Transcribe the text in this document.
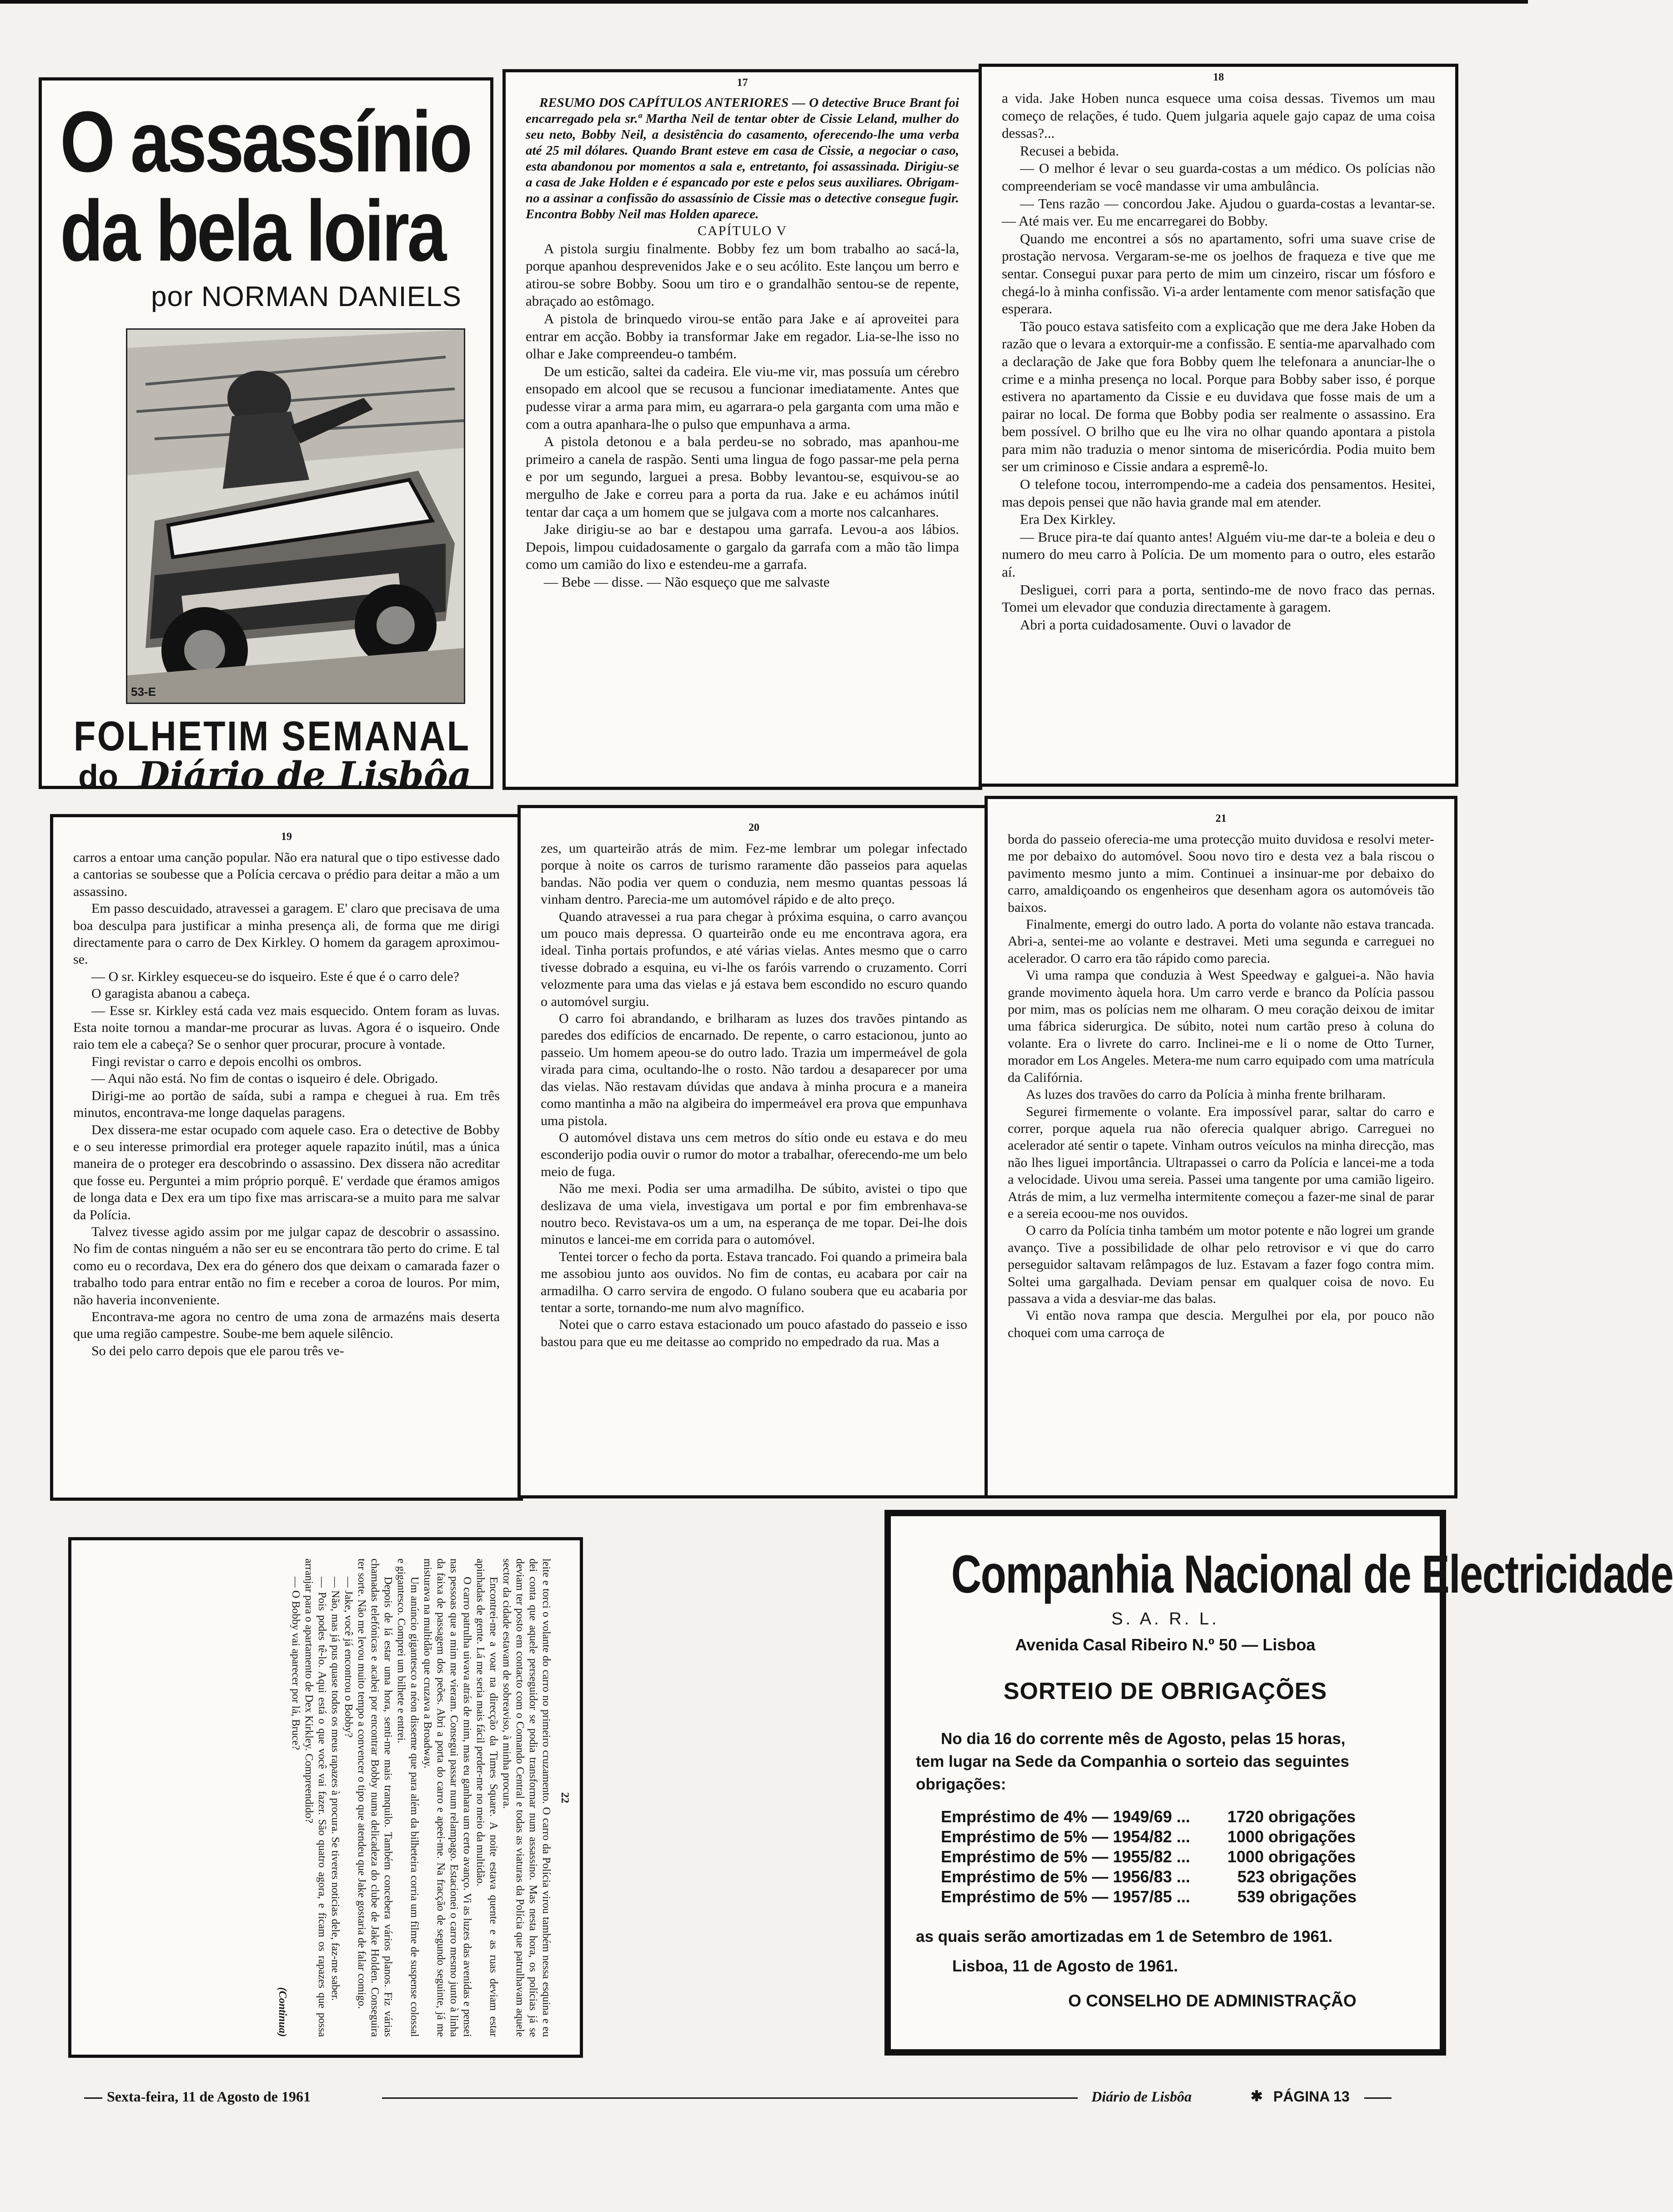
O assassínio
da bela loira
por NORMAN DANIELS
53-E
FOLHETIM SEMANAL
do Diário de Lisbôa
17

RESUMO DOS CAPÍTULOS ANTERIORES — O detective Bruce Brant foi encarregado pela sr.ª Martha Neil de tentar obter de Cissie Leland, mulher do seu neto, Bobby Neil, a desistência do casamento, oferecendo-lhe uma verba até 25 mil dólares. Quando Brant esteve em casa de Cissie, a negociar o caso, esta abandonou por momentos a sala e, entretanto, foi assassinada. Dirigiu-se a casa de Jake Holden e é espancado por este e pelos seus auxiliares. Obrigam-no a assinar a confissão do assassínio de Cissie mas o detective consegue fugir. Encontra Bobby Neil mas Holden aparece.

CAPÍTULO V

A pistola surgiu finalmente. Bobby fez um bom trabalho ao sacá-la, porque apanhou desprevenidos Jake e o seu acólito. Este lançou um berro e atirou-se sobre Bobby. Soou um tiro e o grandalhão sentou-se de repente, abraçado ao estômago.

A pistola de brinquedo virou-se então para Jake e aí aproveitei para entrar em acção. Bobby ia transformar Jake em regador. Lia-se-lhe isso no olhar e Jake compreendeu-o também.

De um esticão, saltei da cadeira. Ele viu-me vir, mas possuía um cérebro ensopado em alcool que se recusou a funcionar imediatamente. Antes que pudesse virar a arma para mim, eu agarrara-o pela garganta com uma mão e com a outra apanhara-lhe o pulso que empunhava a arma.

A pistola detonou e a bala perdeu-se no sobrado, mas apanhou-me primeiro a canela de raspão. Senti uma lingua de fogo passar-me pela perna e por um segundo, larguei a presa. Bobby levantou-se, esquivou-se ao mergulho de Jake e correu para a porta da rua. Jake e eu achámos inútil tentar dar caça a um homem que se julgava com a morte nos calcanhares.

Jake dirigiu-se ao bar e destapou uma garrafa. Levou-a aos lábios. Depois, limpou cuidadosamente o gargalo da garrafa com a mão tão limpa como um camião do lixo e estendeu-me a garrafa.

— Bebe — disse. — Não esqueço que me salvaste

18

a vida. Jake Hoben nunca esquece uma coisa dessas. Tivemos um mau começo de relações, é tudo. Quem julgaria aquele gajo capaz de uma coisa dessas?...

Recusei a bebida.

— O melhor é levar o seu guarda-costas a um médico. Os polícias não compreenderiam se você mandasse vir uma ambulância.

— Tens razão — concordou Jake. Ajudou o guarda-costas a levantar-se. — Até mais ver. Eu me encarregarei do Bobby.

Quando me encontrei a sós no apartamento, sofri uma suave crise de prostação nervosa. Vergaram-se-me os joelhos de fraqueza e tive que me sentar. Consegui puxar para perto de mim um cinzeiro, riscar um fósforo e chegá-lo à minha confissão. Vi-a arder lentamente com menor satisfação que esperara.

Tão pouco estava satisfeito com a explicação que me dera Jake Hoben da razão que o levara a extorquir-me a confissão. E sentia-me aparvalhado com a declaração de Jake que fora Bobby quem lhe telefonara a anunciar-lhe o crime e a minha presença no local. Porque para Bobby saber isso, é porque estivera no apartamento da Cissie e eu duvidava que fosse mais de um a pairar no local. De forma que Bobby podia ser realmente o assassino. Era bem possível. O brilho que eu lhe vira no olhar quando apontara a pistola para mim não traduzia o menor sintoma de misericórdia. Podia muito bem ser um criminoso e Cissie andara a espremê-lo.

O telefone tocou, interrompendo-me a cadeia dos pensamentos. Hesitei, mas depois pensei que não havia grande mal em atender.

Era Dex Kirkley.

— Bruce pira-te daí quanto antes! Alguém viu-me dar-te a boleia e deu o numero do meu carro à Polícia. De um momento para o outro, eles estarão aí.

Desliguei, corri para a porta, sentindo-me de novo fraco das pernas. Tomei um elevador que conduzia directamente à garagem.

Abri a porta cuidadosamente. Ouvi o lavador de

19

carros a entoar uma canção popular. Não era natural que o tipo estivesse dado a cantorias se soubesse que a Polícia cercava o prédio para deitar a mão a um assassino.

Em passo descuidado, atravessei a garagem. E' claro que precisava de uma boa desculpa para justificar a minha presença ali, de forma que me dirigi directamente para o carro de Dex Kirkley. O homem da garagem aproximou-se.

— O sr. Kirkley esqueceu-se do isqueiro. Este é que é o carro dele?

O garagista abanou a cabeça.

— Esse sr. Kirkley está cada vez mais esquecido. Ontem foram as luvas. Esta noite tornou a mandar-me procurar as luvas. Agora é o isqueiro. Onde raio tem ele a cabeça? Se o senhor quer procurar, procure à vontade.

Fingi revistar o carro e depois encolhi os ombros.

— Aqui não está. No fim de contas o isqueiro é dele. Obrigado.

Dirigi-me ao portão de saída, subi a rampa e cheguei à rua. Em três minutos, encontrava-me longe daquelas paragens.

Dex dissera-me estar ocupado com aquele caso. Era o detective de Bobby e o seu interesse primordial era proteger aquele rapazito inútil, mas a única maneira de o proteger era descobrindo o assassino. Dex dissera não acreditar que fosse eu. Perguntei a mim próprio porquê. E' verdade que éramos amigos de longa data e Dex era um tipo fixe mas arriscara-se a muito para me salvar da Polícia.

Talvez tivesse agido assim por me julgar capaz de descobrir o assassino. No fim de contas ninguém a não ser eu se encontrara tão perto do crime. E tal como eu o recordava, Dex era do género dos que deixam o camarada fazer o trabalho todo para entrar então no fim e receber a coroa de louros. Por mim, não haveria inconveniente.

Encontrava-me agora no centro de uma zona de armazéns mais deserta que uma região campestre. Soube-me bem aquele silêncio.

So dei pelo carro depois que ele parou três ve-

20

zes, um quarteirão atrás de mim. Fez-me lembrar um polegar infectado porque à noite os carros de turismo raramente dão passeios para aquelas bandas. Não podia ver quem o conduzia, nem mesmo quantas pessoas lá vinham dentro. Parecia-me um automóvel rápido e de alto preço.

Quando atravessei a rua para chegar à próxima esquina, o carro avançou um pouco mais depressa. O quarteirão onde eu me encontrava agora, era ideal. Tinha portais profundos, e até várias vielas. Antes mesmo que o carro tivesse dobrado a esquina, eu vi-lhe os faróis varrendo o cruzamento. Corri velozmente para uma das vielas e já estava bem escondido no escuro quando o automóvel surgiu.

O carro foi abrandando, e brilharam as luzes dos travões pintando as paredes dos edifícios de encarnado. De repente, o carro estacionou, junto ao passeio. Um homem apeou-se do outro lado. Trazia um impermeável de gola virada para cima, ocultando-lhe o rosto. Não tardou a desaparecer por uma das vielas. Não restavam dúvidas que andava à minha procura e a maneira como mantinha a mão na algibeira do impermeável era prova que empunhava uma pistola.

O automóvel distava uns cem metros do sítio onde eu estava e do meu esconderijo podia ouvir o rumor do motor a trabalhar, oferecendo-me um belo meio de fuga.

Não me mexi. Podia ser uma armadilha. De súbito, avistei o tipo que deslizava de uma viela, investigava um portal e por fim embrenhava-se noutro beco. Revistava-os um a um, na esperança de me topar. Dei-lhe dois minutos e lancei-me em corrida para o automóvel.

Tentei torcer o fecho da porta. Estava trancado. Foi quando a primeira bala me assobiou junto aos ouvidos. No fim de contas, eu acabara por cair na armadilha. O carro servira de engodo. O fulano soubera que eu acabaria por tentar a sorte, tornando-me num alvo magnífico.

Notei que o carro estava estacionado um pouco afastado do passeio e isso bastou para que eu me deitasse ao comprido no empedrado da rua. Mas a

21

borda do passeio oferecia-me uma protecção muito duvidosa e resolvi meter-me por debaixo do automóvel. Soou novo tiro e desta vez a bala riscou o pavimento mesmo junto a mim. Continuei a insinuar-me por debaixo do carro, amaldiçoando os engenheiros que desenham agora os automóveis tão baixos.

Finalmente, emergi do outro lado. A porta do volante não estava trancada. Abri-a, sentei-me ao volante e destravei. Meti uma segunda e carreguei no acelerador. O carro era tão rápido como parecia.

Vi uma rampa que conduzia à West Speedway e galguei-a. Não havia grande movimento àquela hora. Um carro verde e branco da Polícia passou por mim, mas os polícias nem me olharam. O meu coração deixou de imitar uma fábrica siderurgica. De súbito, notei num cartão preso à coluna do volante. Era o livrete do carro. Inclinei-me e li o nome de Otto Turner, morador em Los Angeles. Metera-me num carro equipado com uma matrícula da Califórnia.

As luzes dos travões do carro da Polícia à minha frente brilharam.

Segurei firmemente o volante. Era impossível parar, saltar do carro e correr, porque aquela rua não oferecia qualquer abrigo. Carreguei no acelerador até sentir o tapete. Vinham outros veículos na minha direcção, mas não lhes liguei importância. Ultrapassei o carro da Polícia e lancei-me a toda a velocidade. Uivou uma sereia. Passei uma tangente por uma camião ligeiro. Atrás de mim, a luz vermelha intermitente começou a fazer-me sinal de parar e a sereia ecoou-me nos ouvidos.

O carro da Polícia tinha também um motor potente e não logrei um grande avanço. Tive a possibilidade de olhar pelo retrovisor e vi que do carro perseguidor saltavam relâmpagos de luz. Estavam a fazer fogo contra mim. Soltei uma gargalhada. Deviam pensar em qualquer coisa de novo. Eu passava a vida a desviar-me das balas.

Vi então nova rampa que descia. Mergulhei por ela, por pouco não choquei com uma carroça de

22

leite e torci o volante do carro no primeiro cruzamento. O carro da Polícia virou também nessa esquina e eu dei conta que aquele perseguidor se podia transformar num assassino. Mas nesta hora, os polícias já se deviam ter posto em contacto com o Comando Central e todas as viaturas da Polícia que patrulhavam aquele sector da cidade estavam de sobreaviso, à minha procura.

Encontrei-me a voar na direcção da Times Square. A noite estava quente e as ruas deviam estar apinhadas de gente. Lá me seria mais fácil perder-me no meio da multidão.

O carro patrulha uivava atrás de mim, mas eu ganhara um certo avanço. Vi as luzes das avenidas e pensei nas pessoas que a mim me vieram. Consegui passar num relampago. Estacionei o carro mesmo junto à linha da faixa de passagem dos peões. Abri a porta do carro e apeei-me. Na fracção de segundo seguinte, já me misturava na multidão que cruzava a Broadway.

Um anúncio gigantesco a néon disseme que para além da bilheteira corria um filme de suspense colossal e gigantesco. Comprei um bilhete e entrei.

Depois de lá estar uma hora, senti-me mais tranquilo. Também concebera vários planos. Fiz várias chamadas telefónicas e acabei por encontrar Bobby numa delicadeza do clube de Jake Holden. Conseguira ter sorte. Não me levou muito tempo a convencer o tipo que atendeu que Jake gostaria de falar comigo.

— Jake, você já encontrou o Bobby?

— Não, mas já pus quase todos os meus rapazes à procura. Se tiveres noticias dele, faz-me saber.

— Pois podes tê-lo. Aqui está o que você vai fazer. São quatro agora, e ficam os rapazes que possa arranjar para o apartamento de Dex Kirkley. Compreendido?

— O Bobby vai aparecer por lá, Bruce?

(Continua)

Companhia Nacional de Electricidade
S. A. R. L.
Avenida Casal Ribeiro N.º 50 — Lisboa
SORTEIO DE OBRIGAÇÕES
No dia 16 do corrente mês de Agosto, pelas 15 horas,
tem lugar na Sede da Companhia o sorteio das seguintes
obrigações:
Empréstimo de 4% — 1949/69 ... 1720 obrigações
Empréstimo de 5% — 1954/82 ... 1000 obrigações
Empréstimo de 5% — 1955/82 ... 1000 obrigações
Empréstimo de 5% — 1956/83 ...	523 obrigações
Empréstimo de 5% — 1957/85 ...	539 obrigações
as quais serão amortizadas em 1 de Setembro de 1961.
Lisboa, 11 de Agosto de 1961.
O CONSELHO DE ADMINISTRAÇÃO
Sexta-feira, 11 de Agosto de 1961	Diário de Lisbôa	✱ PÁGINA 13
